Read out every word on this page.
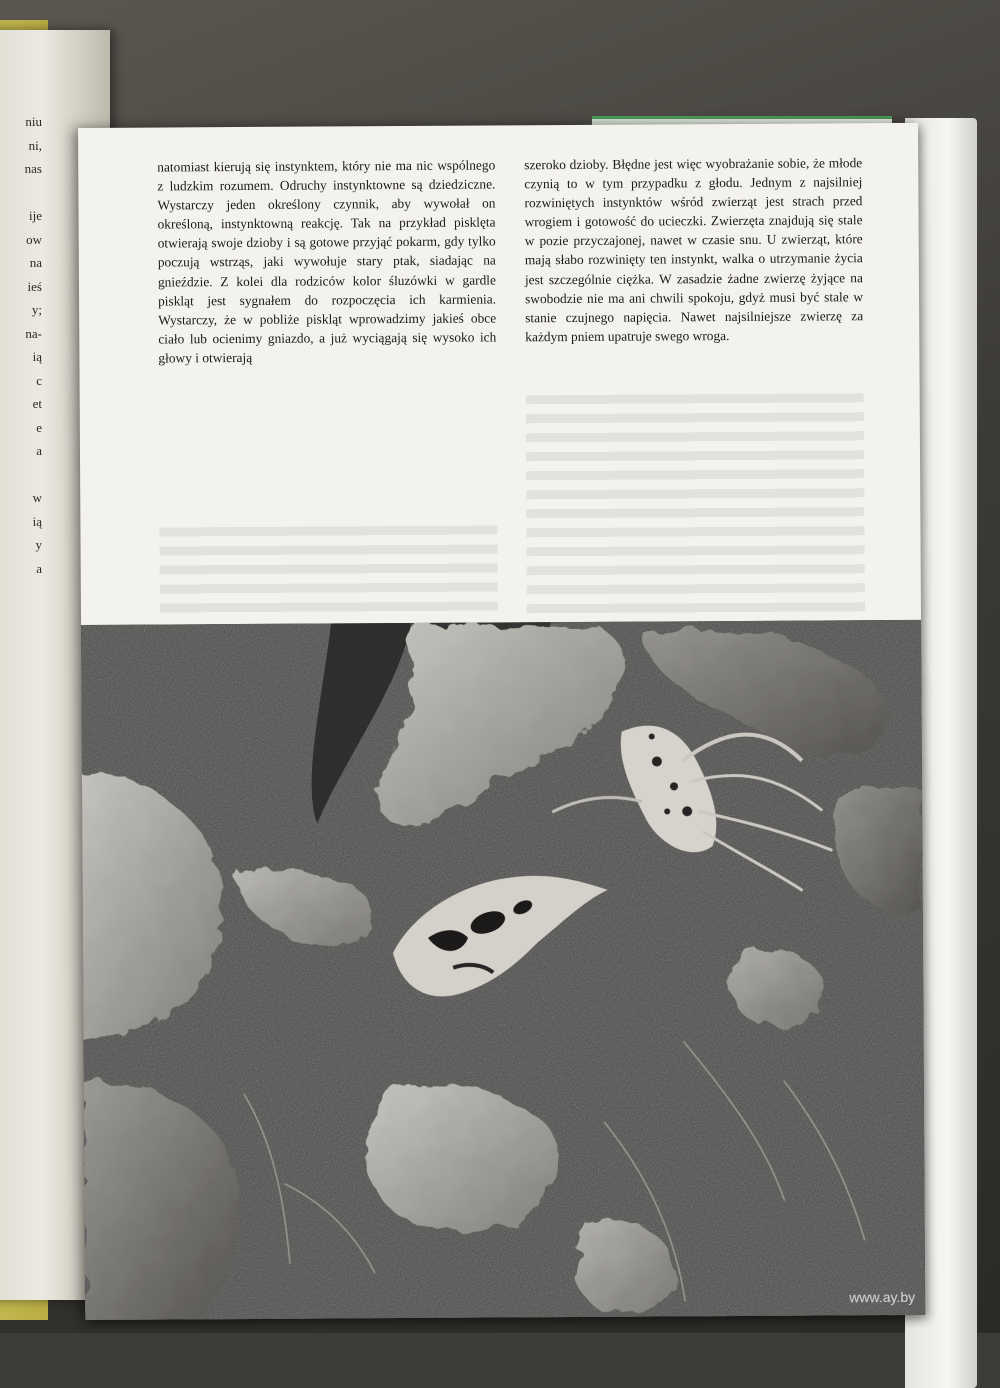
niu
ni,
nas

ije
ow
na
ieś
y;
na-
ią
c
et
e
a

w
ią
y
a

natomiast kierują się instynktem, który nie ma nic wspólnego z ludzkim rozumem. Odruchy instynktowne są dziedziczne. Wystarczy jeden określony czynnik, aby wywołał on określoną, instynktowną reakcję. Tak na przykład pisklęta otwierają swoje dzioby i są gotowe przyjąć pokarm, gdy tylko poczują wstrząs, jaki wywołuje stary ptak, siadając na gnieździe. Z kolei dla rodziców kolor śluzówki w gardle piskląt jest sygnałem do rozpoczęcia ich karmienia. Wystarczy, że w pobliże piskląt wprowadzimy jakieś obce ciało lub ocienimy gniazdo, a już wyciągają się wysoko ich głowy i otwierają

szeroko dzioby. Błędne jest więc wyobrażanie sobie, że młode czynią to w tym przypadku z głodu. Jednym z najsilniej rozwiniętych instynktów wśród zwierząt jest strach przed wrogiem i gotowość do ucieczki. Zwierzęta znajdują się stale w pozie przyczajonej, nawet w czasie snu. U zwierząt, które mają słabo rozwinięty ten instynkt, walka o utrzymanie życia jest szczególnie ciężka. W zasadzie żadne zwierzę żyjące na swobodzie nie ma ani chwili spokoju, gdyż musi być stale w stanie czujnego napięcia. Nawet najsilniejsze zwierzę za każdym pniem upatruje swego wroga.

www.ay.by
